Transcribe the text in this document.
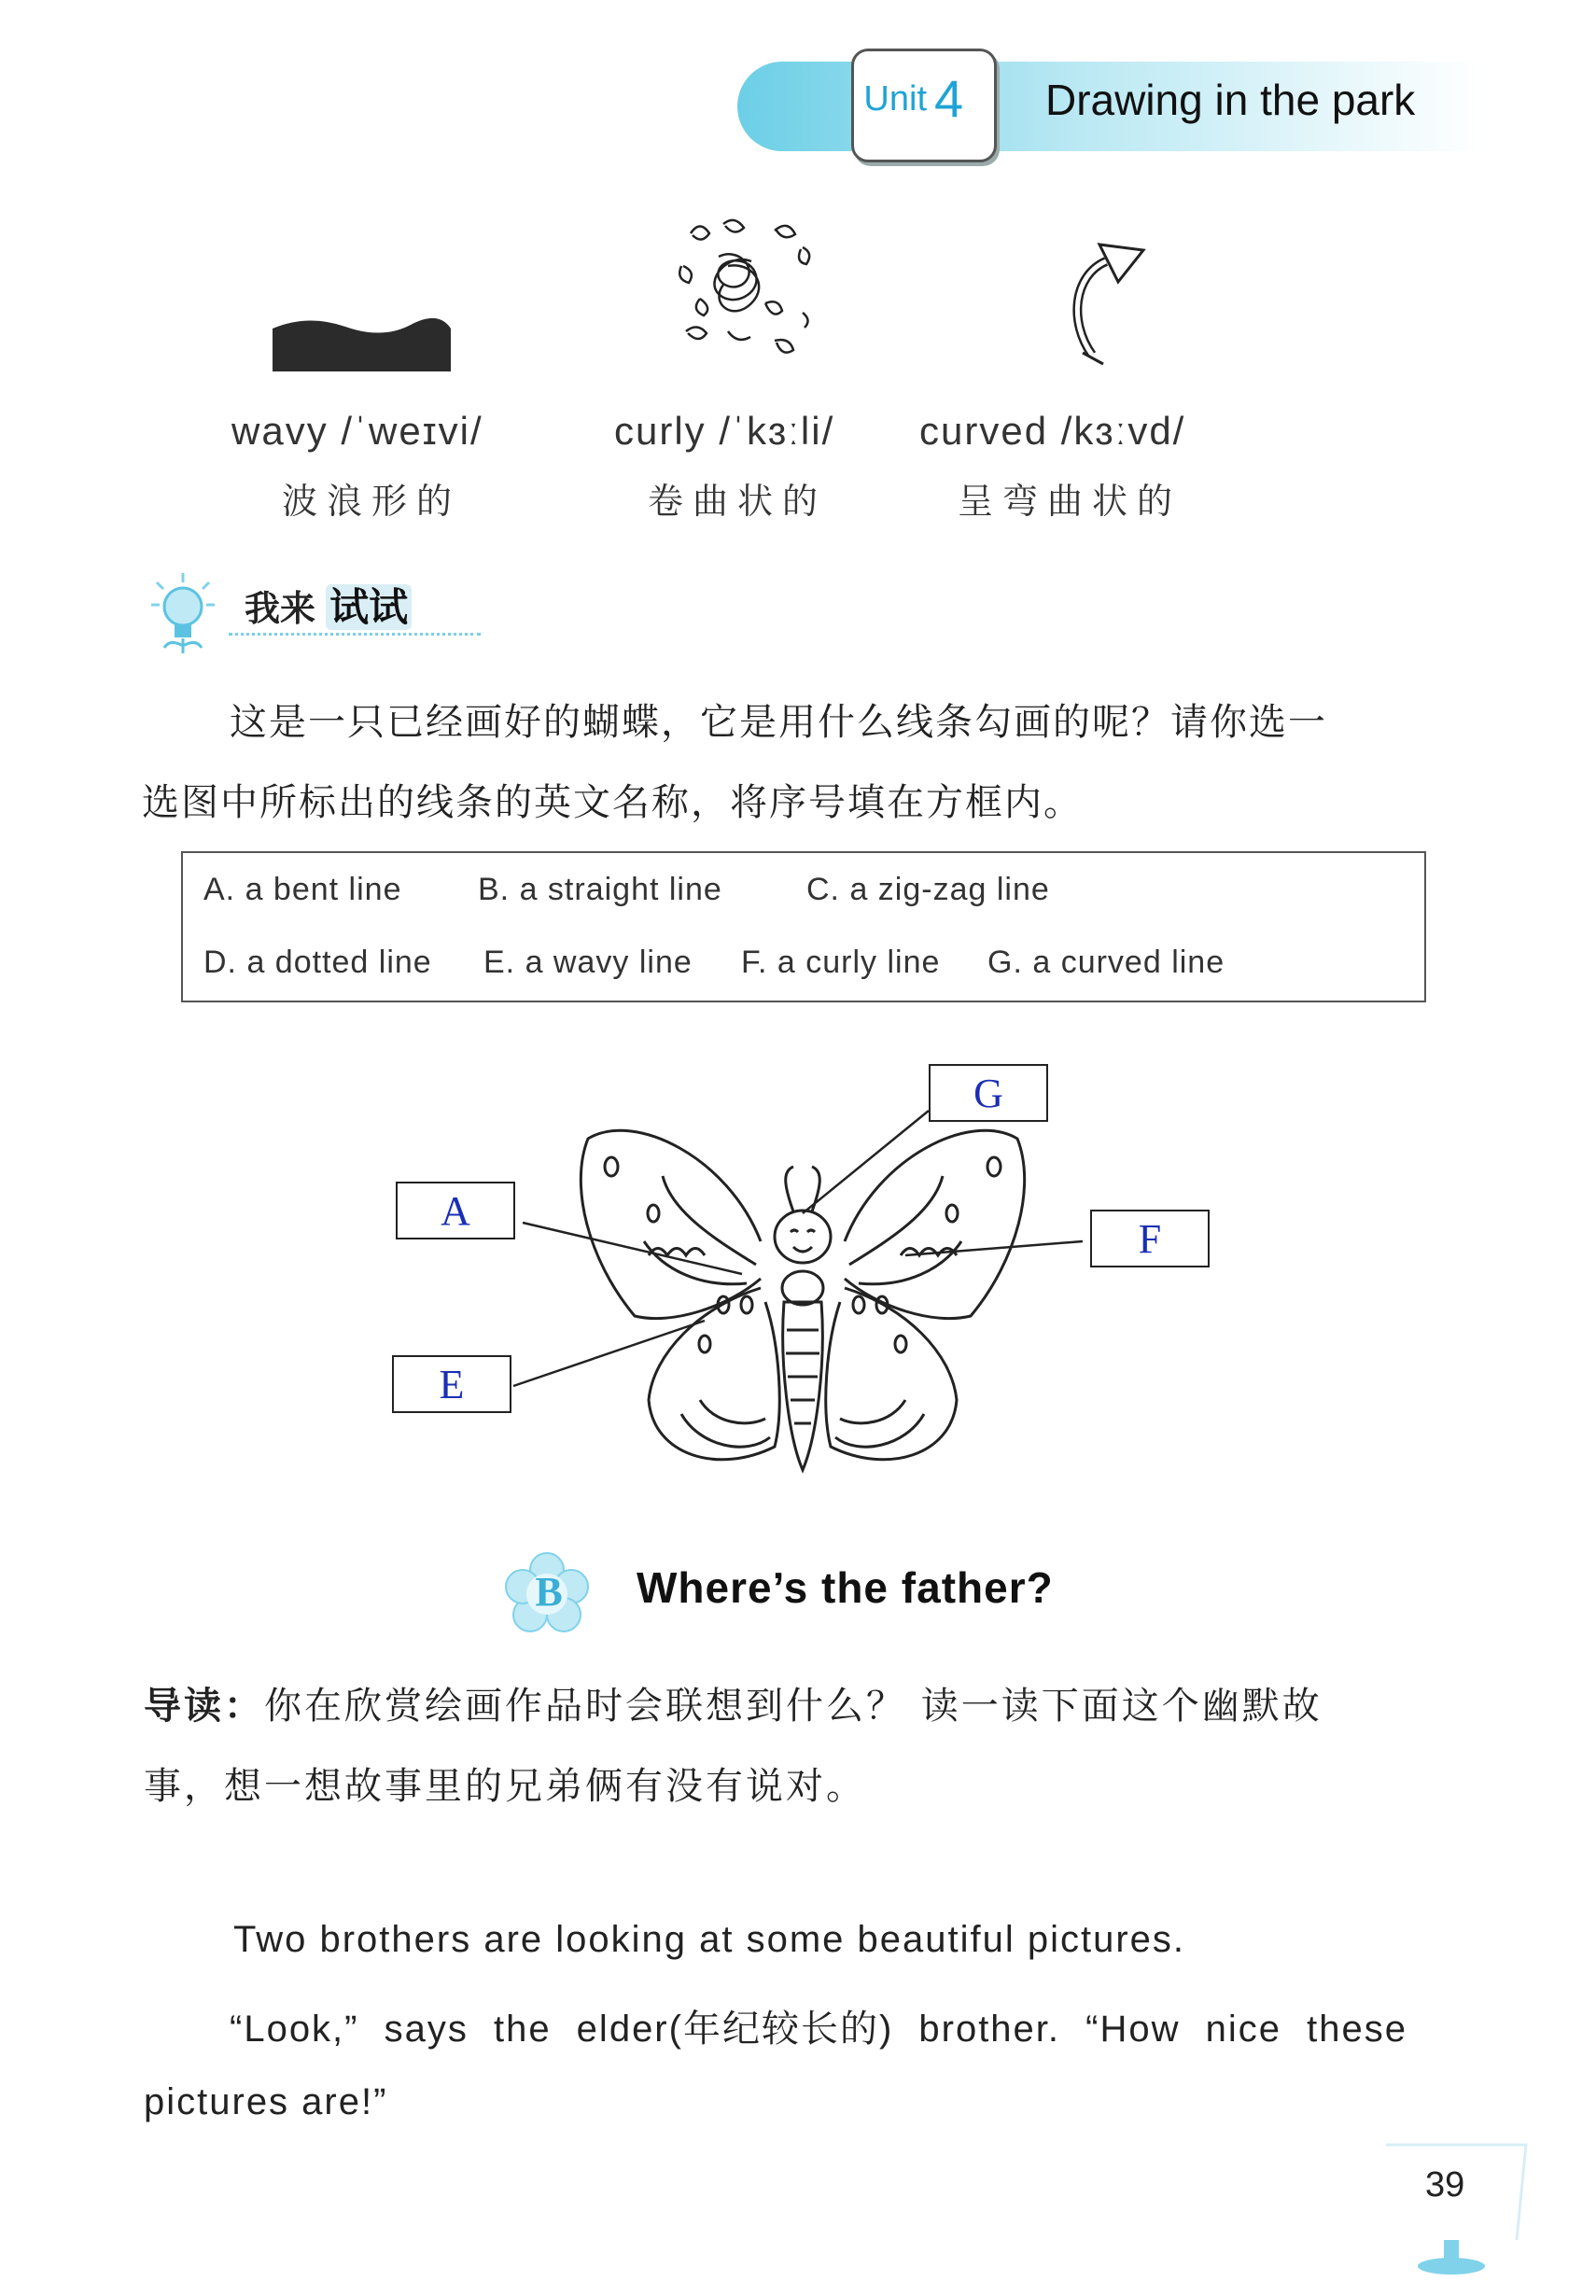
Unit 4 Drawing in the park
wavy /ˈweɪvi/
波浪形的
curly /ˈkɜːli/
卷曲状的
curved /kɜːvd/
呈弯曲状的
我来 试试
这是一只已经画好的蝴蝶，它是用什么线条勾画的呢？请你选一
选图中所标出的线条的英文名称，将序号填在方框内。
A. a bent line B. a straight line	C. a zig-zag line
D. a dotted line E. a wavy line F. a curly line G. a curved line
G
A
F
E
B Where’s the father?
导读：你在欣赏绘画作品时会联想到什么？ 读一读下面这个幽默故
事，想一想故事里的兄弟俩有没有说对。
Two brothers are looking at some beautiful pictures.
“Look,” says the elder(年纪较长的) brother. “How nice these
pictures are!”
39
